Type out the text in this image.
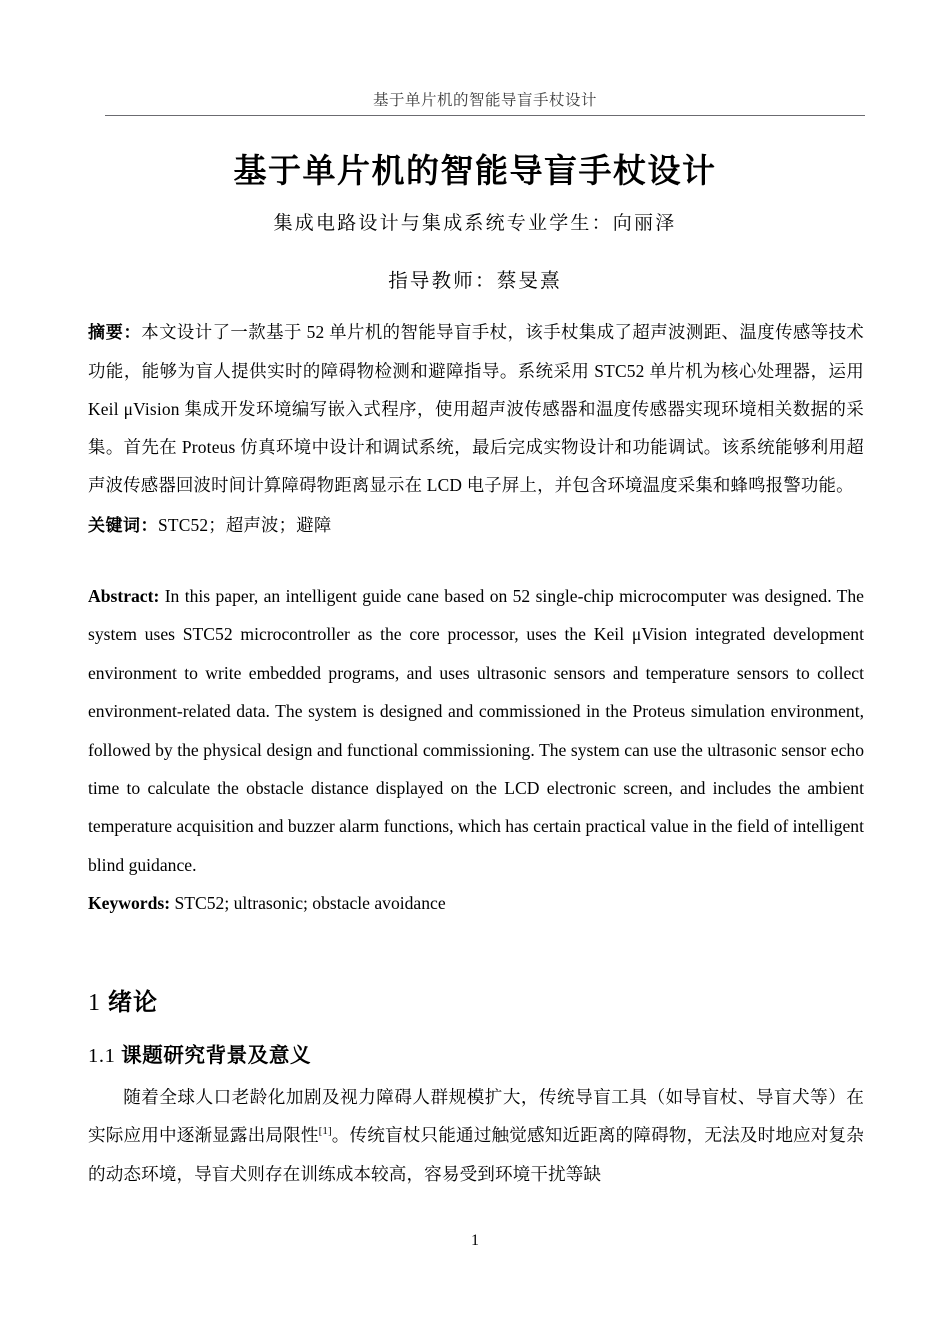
基于单片机的智能导盲手杖设计
基于单片机的智能导盲手杖设计
集成电路设计与集成系统专业学生：向丽泽
指导教师：蔡旻熹

摘要：本文设计了一款基于 52 单片机的智能导盲手杖，该手杖集成了超声波测距、温度传感等技术功能，能够为盲人提供实时的障碍物检测和避障指导。系统采用 STC52 单片机为核心处理器，运用 Keil μVision 集成开发环境编写嵌入式程序，使用超声波传感器和温度传感器实现环境相关数据的采集。首先在 Proteus 仿真环境中设计和调试系统，最后完成实物设计和功能调试。该系统能够利用超声波传感器回波时间计算障碍物距离显示在 LCD 电子屏上，并包含环境温度采集和蜂鸣报警功能。

关键词：STC52；超声波；避障

Abstract: In this paper, an intelligent guide cane based on 52 single-chip microcomputer was designed. The system uses STC52 microcontroller as the core processor, uses the Keil μVision integrated development environment to write embedded programs, and uses ultrasonic sensors and temperature sensors to collect environment-related data. The system is designed and commissioned in the Proteus simulation environment, followed by the physical design and functional commissioning. The system can use the ultrasonic sensor echo time to calculate the obstacle distance displayed on the LCD electronic screen, and includes the ambient temperature acquisition and buzzer alarm functions, which has certain practical value in the field of intelligent blind guidance.

Keywords: STC52; ultrasonic; obstacle avoidance
1 绪论
1.1 课题研究背景及意义

随着全球人口老龄化加剧及视力障碍人群规模扩大，传统导盲工具（如导盲杖、导盲犬等）在实际应用中逐渐显露出局限性[1]。传统盲杖只能通过触觉感知近距离的障碍物，无法及时地应对复杂的动态环境，导盲犬则存在训练成本较高，容易受到环境干扰等缺

1
